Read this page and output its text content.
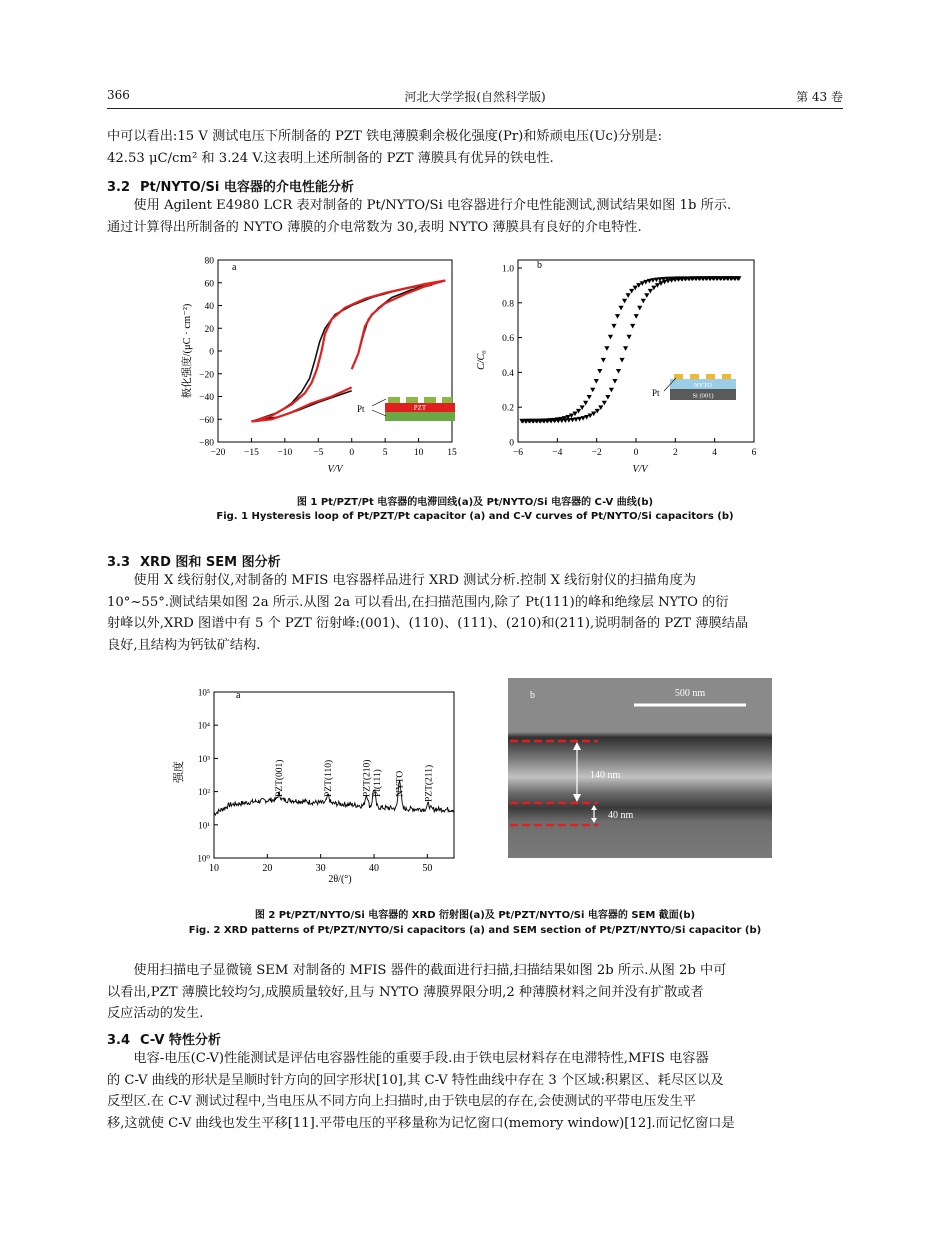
366	河北大学学报(自然科学版)	第 43 卷
中可以看出:15 V 测试电压下所制备的 PZT 铁电薄膜剩余极化强度(Pr)和矫顽电压(Uc)分别是:
42.53 μC/cm² 和 3.24 V.这表明上述所制备的 PZT 薄膜具有优异的铁电性.
3.2 Pt/NYTO/Si 电容器的介电性能分析
使用 Agilent E4980 LCR 表对制备的 Pt/NYTO/Si 电容器进行介电性能测试,测试结果如图 1b 所示.
通过计算得出所制备的 NYTO 薄膜的介电常数为 30,表明 NYTO 薄膜具有良好的介电特性.
−20 −15 −10 −5	0	5	10	15
80
60
40
20
0
−20
−40
−60
−80
极化强度/(μC · cm⁻²)
V/V
a
PZT
Pt
−6	−4	−2	0	2	4	6
1.0
0.8
0.6
0.4
0.2
0
C/C₀
V/V
b
NYTO
Si (001)
Pt
图 1 Pt/PZT/Pt 电容器的电滞回线(a)及 Pt/NYTO/Si 电容器的 C-V 曲线(b)
Fig. 1 Hysteresis loop of Pt/PZT/Pt capacitor (a) and C-V curves of Pt/NYTO/Si capacitors (b)
3.3 XRD 图和 SEM 图分析
使用 X 线衍射仪,对制备的 MFIS 电容器样品进行 XRD 测试分析.控制 X 线衍射仪的扫描角度为
10°~55°.测试结果如图 2a 所示.从图 2a 可以看出,在扫描范围内,除了 Pt(111)的峰和绝缘层 NYTO 的衍
射峰以外,XRD 图谱中有 5 个 PZT 衍射峰:(001)、(110)、(111)、(210)和(211),说明制备的 PZT 薄膜结晶
良好,且结构为钙钛矿结构.
10	20	30	40	50
10⁵
10⁴
10³
10²
10¹
10⁰
强度
2θ/(°)
a
PZT(001)	PZT(110)	PZT(210) Pt(111) NYTO PZT(211)
b	500 nm
140 nm
40 nm
图 2 Pt/PZT/NYTO/Si 电容器的 XRD 衍射图(a)及 Pt/PZT/NYTO/Si 电容器的 SEM 截面(b)
Fig. 2 XRD patterns of Pt/PZT/NYTO/Si capacitors (a) and SEM section of Pt/PZT/NYTO/Si capacitor (b)
使用扫描电子显微镜 SEM 对制备的 MFIS 器件的截面进行扫描,扫描结果如图 2b 所示.从图 2b 中可
以看出,PZT 薄膜比较均匀,成膜质量较好,且与 NYTO 薄膜界限分明,2 种薄膜材料之间并没有扩散或者
反应活动的发生.
3.4 C-V 特性分析
电容-电压(C-V)性能测试是评估电容器性能的重要手段.由于铁电层材料存在电滞特性,MFIS 电容器
的 C-V 曲线的形状是呈顺时针方向的回字形状[10],其 C-V 特性曲线中存在 3 个区域:积累区、耗尽区以及
反型区.在 C-V 测试过程中,当电压从不同方向上扫描时,由于铁电层的存在,会使测试的平带电压发生平
移,这就使 C-V 曲线也发生平移[11].平带电压的平移量称为记忆窗口(memory window)[12].而记忆窗口是
